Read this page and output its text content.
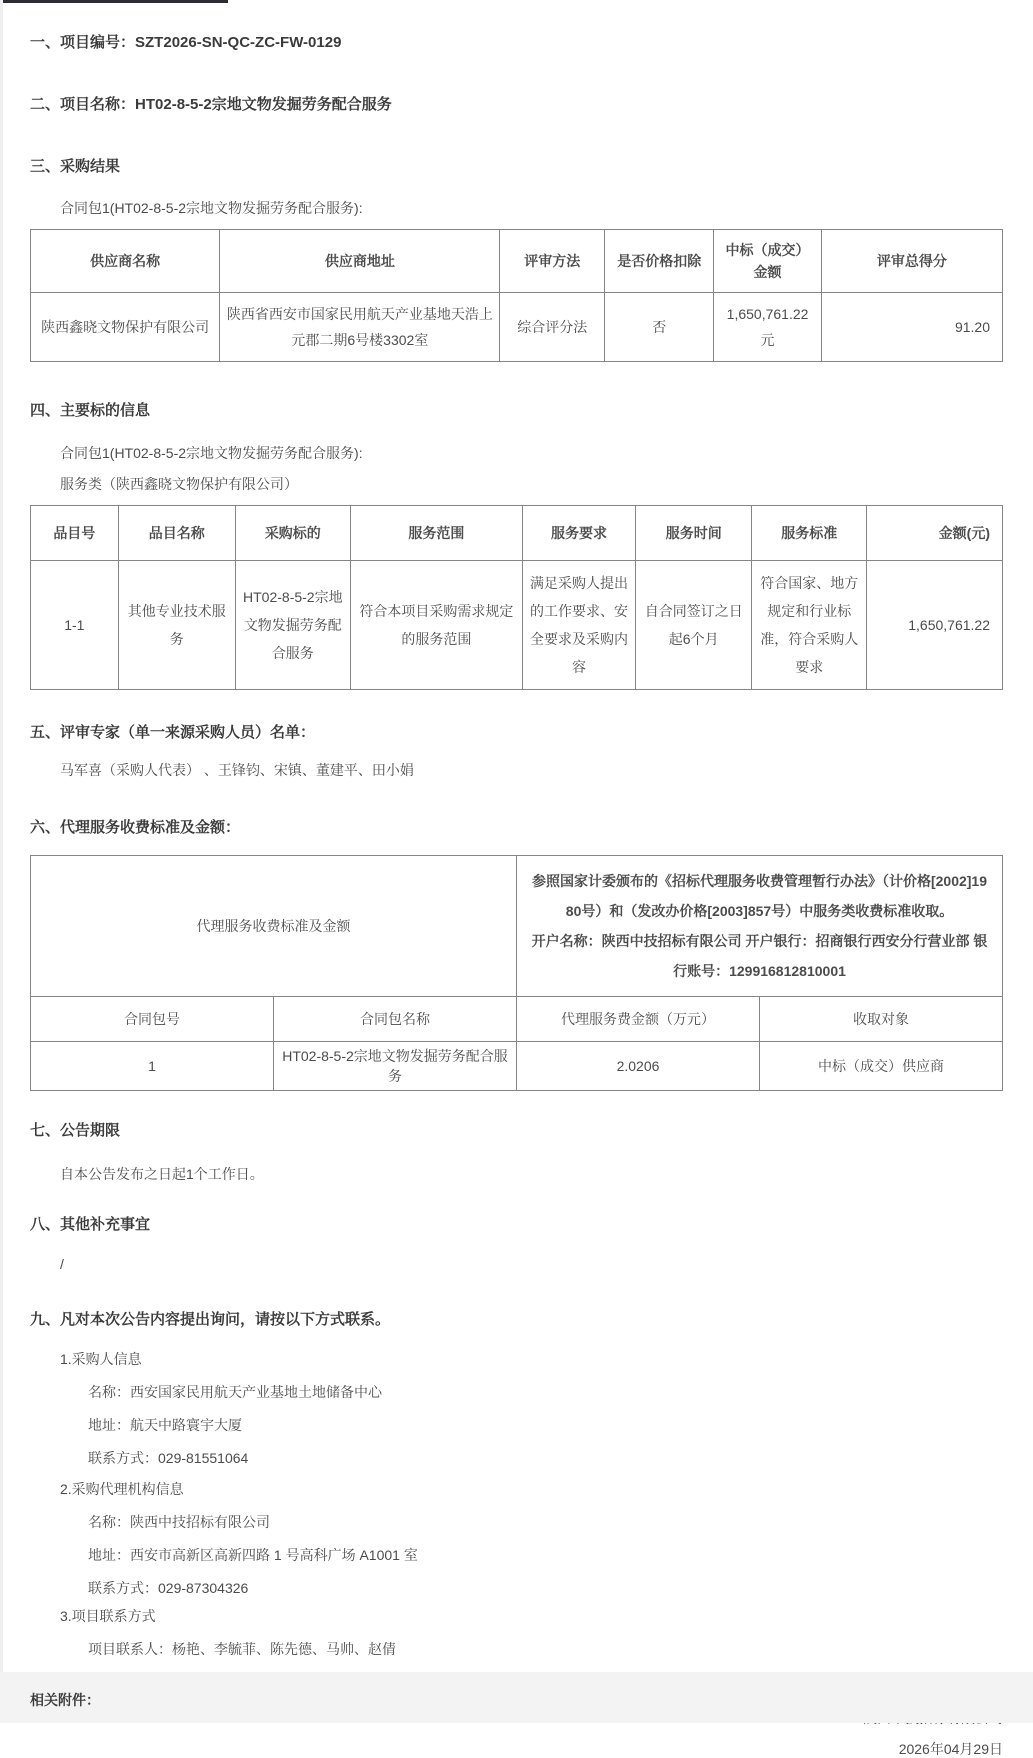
一、项目编号：SZT2026-SN-QC-ZC-FW-0129

二、项目名称：HT02-8-5-2宗地文物发掘劳务配合服务

三、采购结果

合同包1(HT02-8-5-2宗地文物发掘劳务配合服务):

供应商名称	供应商地址	评审方法	是否价格扣除	中标（成交）金额	评审总得分
陕西鑫晓文物保护有限公司	陕西省西安市国家民用航天产业基地天浩上元郡二期6号楼3302室	综合评分法	否	1,650,761.22元	91.20

四、主要标的信息

合同包1(HT02-8-5-2宗地文物发掘劳务配合服务):

服务类（陕西鑫晓文物保护有限公司）

品目号	品目名称	采购标的	服务范围	服务要求	服务时间	服务标准	金额(元)
1-1	其他专业技术服务	HT02-8-5-2宗地文物发掘劳务配合服务	符合本项目采购需求规定的服务范围	满足采购人提出的工作要求、安全要求及采购内容	自合同签订之日起6个月	符合国家、地方规定和行业标准，符合采购人要求	1,650,761.22

五、评审专家（单一来源采购人员）名单：

马军喜（采购人代表） 、王锋钧、宋镇、董建平、田小娟

六、代理服务收费标准及金额：

代理服务收费标准及金额		参照国家计委颁布的《招标代理服务收费管理暂行办法》（计价格[2002]1980号）和（发改办价格[2003]857号）中服务类收费标准收取。
开户名称：陕西中技招标有限公司 开户银行：招商银行西安分行营业部 银行账号：129916812810001	

合同包号	合同包名称	代理服务费金额（万元）	收取对象
1	HT02-8-5-2宗地文物发掘劳务配合服务	2.0206	中标（成交）供应商

七、公告期限

自本公告发布之日起1个工作日。

八、其他补充事宜

/

九、凡对本次公告内容提出询问，请按以下方式联系。

1.采购人信息

名称：西安国家民用航天产业基地土地储备中心

地址：航天中路寰宇大厦

联系方式：029-81551064

2.采购代理机构信息

名称：陕西中技招标有限公司

地址：西安市高新区高新四路 1 号高科广场 A1001 室

联系方式：029-87304326

3.项目联系方式

项目联系人：杨艳、李毓菲、陈先德、马帅、赵倩

2026年04月29日

相关附件：
